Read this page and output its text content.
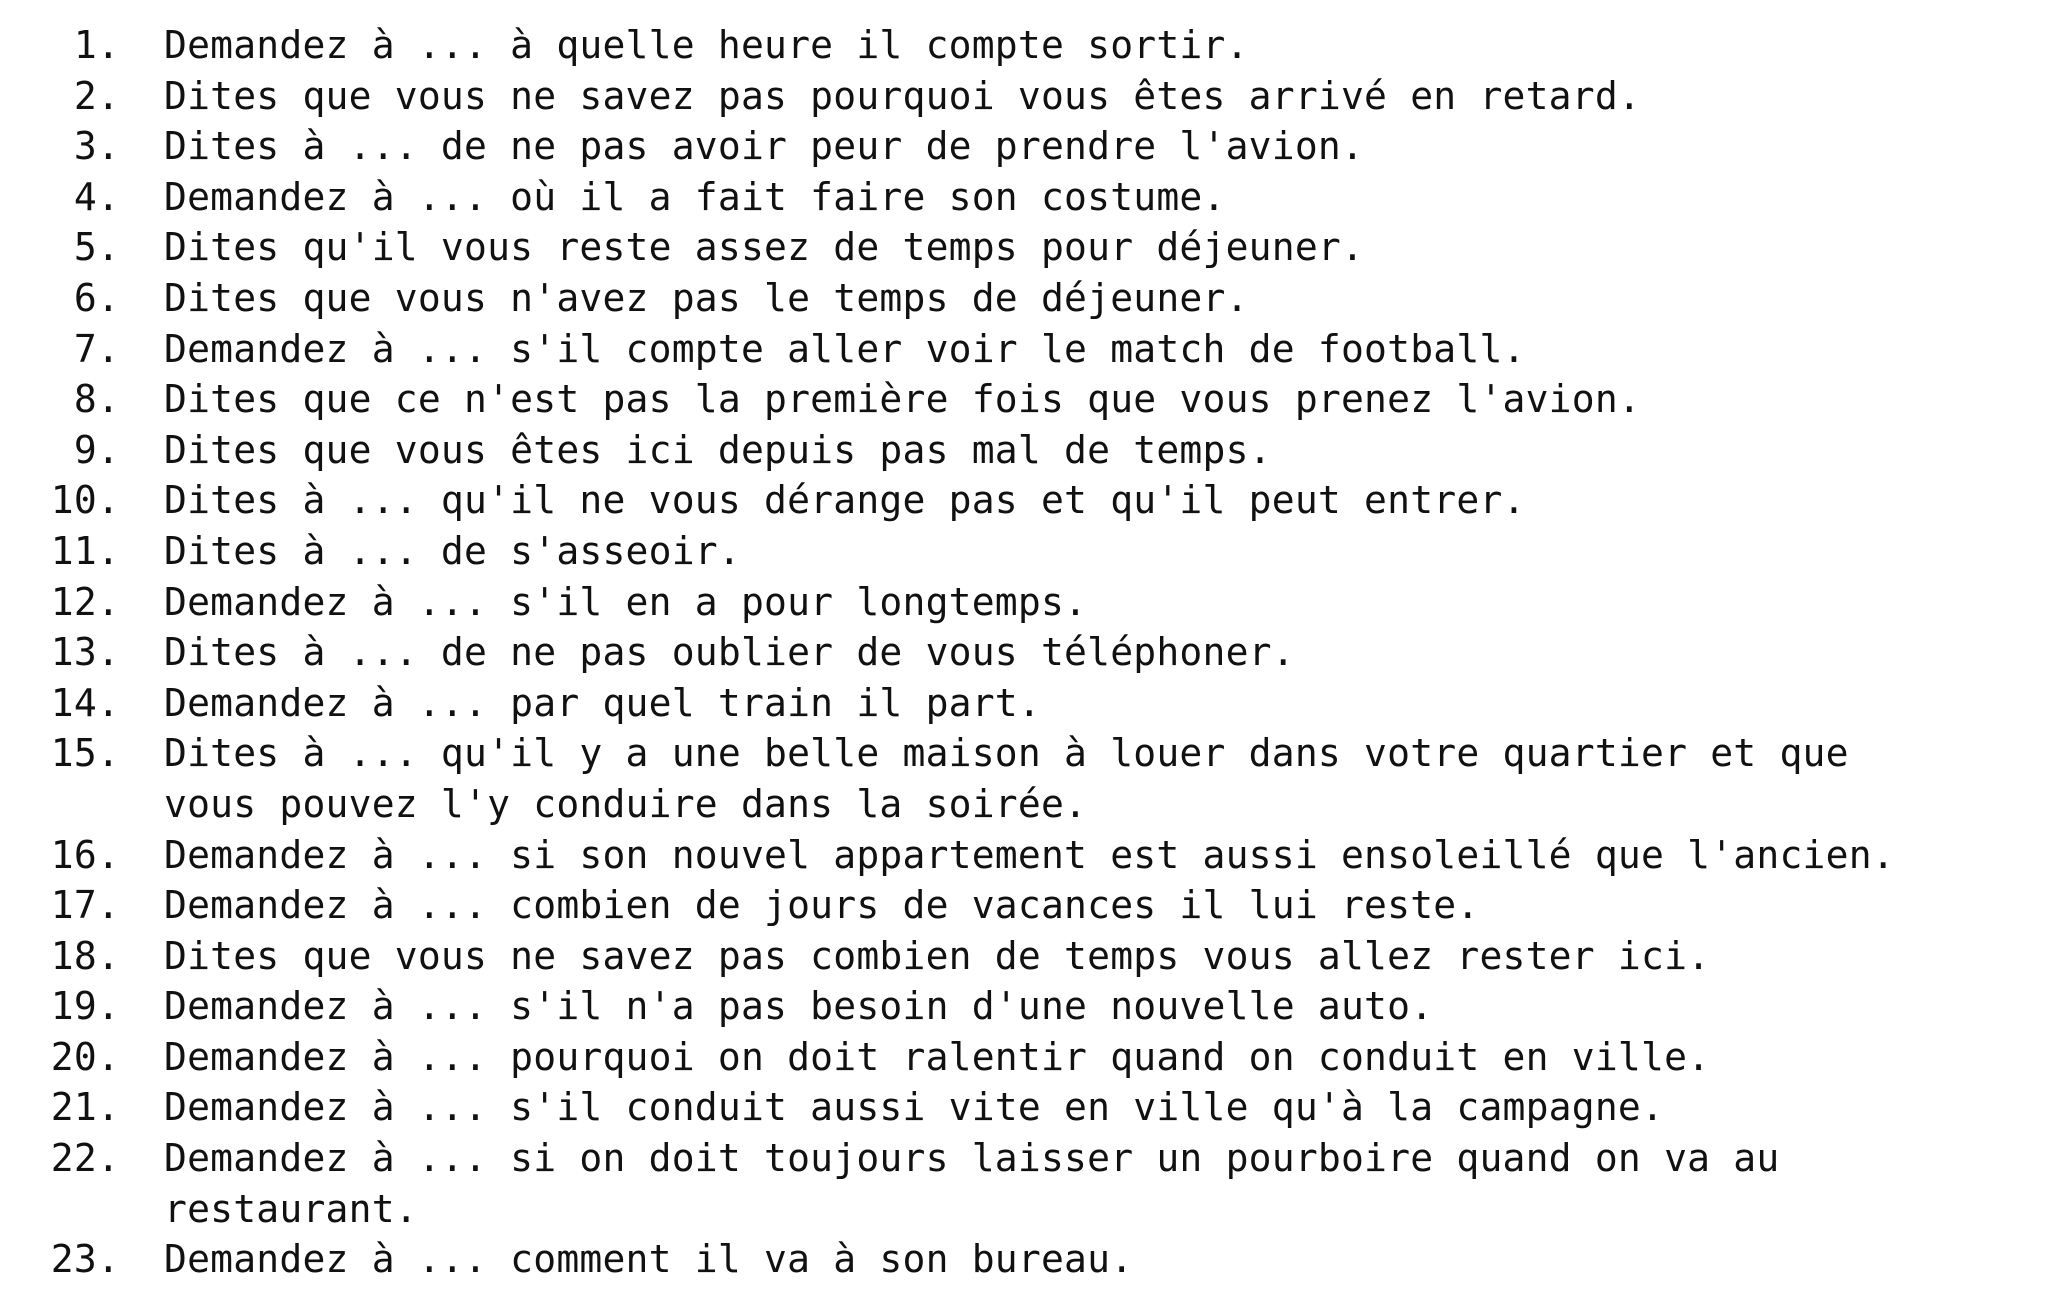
1. Demandez à ... à quelle heure il compte sortir.
2. Dites que vous ne savez pas pourquoi vous êtes arrivé en retard.
3. Dites à ... de ne pas avoir peur de prendre l'avion.
4. Demandez à ... où il a fait faire son costume.
5. Dites qu'il vous reste assez de temps pour déjeuner.
6. Dites que vous n'avez pas le temps de déjeuner.
7. Demandez à ... s'il compte aller voir le match de football.
8. Dites que ce n'est pas la première fois que vous prenez l'avion.
9. Dites que vous êtes ici depuis pas mal de temps.
10. Dites à ... qu'il ne vous dérange pas et qu'il peut entrer.
11. Dites à ... de s'asseoir.
12. Demandez à ... s'il en a pour longtemps.
13. Dites à ... de ne pas oublier de vous téléphoner.
14. Demandez à ... par quel train il part.
15. Dites à ... qu'il y a une belle maison à louer dans votre quartier et que
vous pouvez l'y conduire dans la soirée.
16. Demandez à ... si son nouvel appartement est aussi ensoleillé que l'ancien.
17. Demandez à ... combien de jours de vacances il lui reste.
18. Dites que vous ne savez pas combien de temps vous allez rester ici.
19. Demandez à ... s'il n'a pas besoin d'une nouvelle auto.
20. Demandez à ... pourquoi on doit ralentir quand on conduit en ville.
21. Demandez à ... s'il conduit aussi vite en ville qu'à la campagne.
22. Demandez à ... si on doit toujours laisser un pourboire quand on va au
restaurant.
23. Demandez à ... comment il va à son bureau.
